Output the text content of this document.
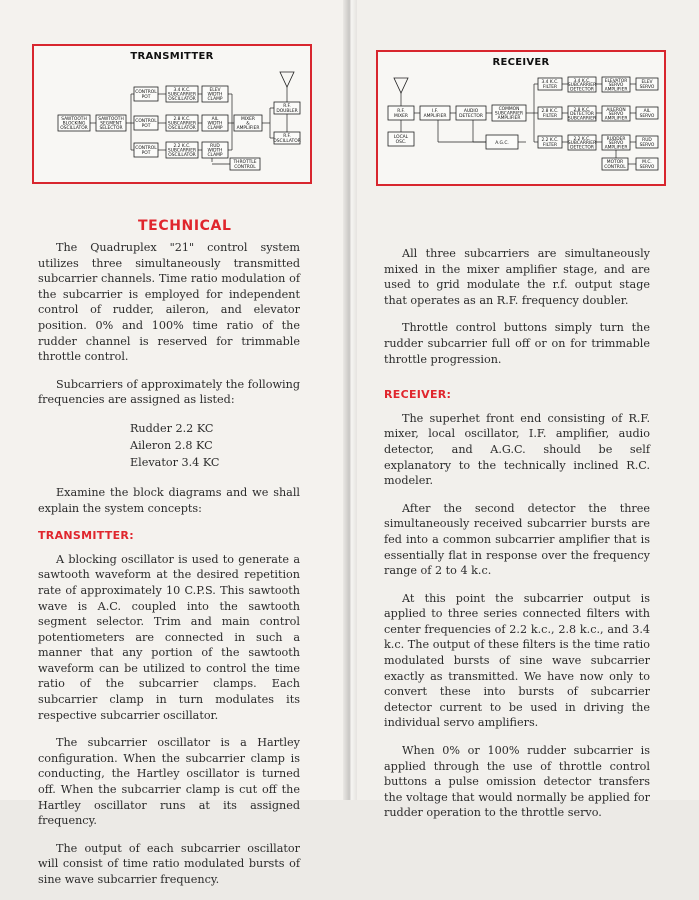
TRANSMITTER
SAWTOOTH
BLOCKING
OSCILLATOR
SAWTOOTH
SEGMENT
SELECTOR
CONTROL
POT
CONTROL
POT
CONTROL
POT
3.4 K.C.
SUBCARRIER
OSCILLATOR
2.8 K.C.
SUBCARRIER
OSCILLATOR
2.2 K.C.
SUBCARRIER
OSCILLATOR
ELEV
WIDTH
CLAMP
AIL
WIDTH
CLAMP
RUD
WIDTH
CLAMP
MIXER
&
AMPLIFIER
R.F.
DOUBLER
R.F.
OSCILLATOR
THROTTLE
CONTROL
RECEIVER
R.F.
MIXER
LOCAL
OSC.
I.F.
AMPLIFIER
AUDIO
DETECTOR
COMMON
SUBCARRIER
AMPLIFIER
A.G.C.
3.4 K.C.
FILTER
2.8 K.C.
FILTER
2.2 K.C.
FILTER
3.4 K.C.
SUBCARRIER
DETECTOR
2.8 K.C.
DETECTOR
SUBCARRIER
2.2 K.C.
SUBCARRIER
DETECTOR
ELEVATOR
SERVO
AMPLIFIER
AILERON
SERVO
AMPLIFIER
RUDDER
SERVO
AMPLIFIER
ELEV
SERVO
AIL
SERVO
RUD
SERVO
MOTOR
CONTROL
M.C.
SERVO
TECHNICAL

The Quadruplex "21" control system utilizes three simultaneously transmitted subcarrier channels. Time ratio modulation of the subcarrier is employed for independent control of rudder, aileron, and elevator position. 0% and 100% time ratio of the rudder channel is reserved for trimmable throttle control.

Subcarriers of approximately the following frequencies are assigned as listed:

Rudder 2.2 KC
Aileron 2.8 KC
Elevator 3.4 KC

Examine the block diagrams and we shall explain the system concepts:

TRANSMITTER:

A blocking oscillator is used to generate a sawtooth waveform at the desired repetition rate of approximately 10 C.P.S. This sawtooth wave is A.C. coupled into the sawtooth segment selector. Trim and main control potentiometers are connected in such a manner that any portion of the sawtooth waveform can be utilized to control the time ratio of the subcarrier clamps. Each subcarrier clamp in turn modulates its respective subcarrier oscillator.

The subcarrier oscillator is a Hartley configuration. When the subcarrier clamp is conducting, the Hartley oscillator is turned off. When the subcarrier clamp is cut off the Hartley oscillator runs at its assigned frequency.

The output of each subcarrier oscillator will consist of time ratio modulated bursts of sine wave subcarrier frequency.

All three subcarriers are simultaneously mixed in the mixer amplifier stage, and are used to grid modulate the r.f. output stage that operates as an R.F. frequency doubler.

Throttle control buttons simply turn the rudder subcarrier full off or on for trimmable throttle progression.

RECEIVER:

The superhet front end consisting of R.F. mixer, local oscillator, I.F. amplifier, audio detector, and A.G.C. should be self explanatory to the technically inclined R.C. modeler.

After the second detector the three simultaneously received subcarrier bursts are fed into a common subcarrier amplifier that is essentially flat in response over the frequency range of 2 to 4 k.c.

At this point the subcarrier output is applied to three series connected filters with center frequencies of 2.2 k.c., 2.8 k.c., and 3.4 k.c. The output of these filters is the time ratio modulated bursts of sine wave subcarrier exactly as transmitted. We have now only to convert these into bursts of subcarrier detector current to be used in driving the individual servo amplifiers.

When 0% or 100% rudder subcarrier is applied through the use of throttle control buttons a pulse omission detector transfers the voltage that would normally be applied for rudder operation to the throttle servo.
